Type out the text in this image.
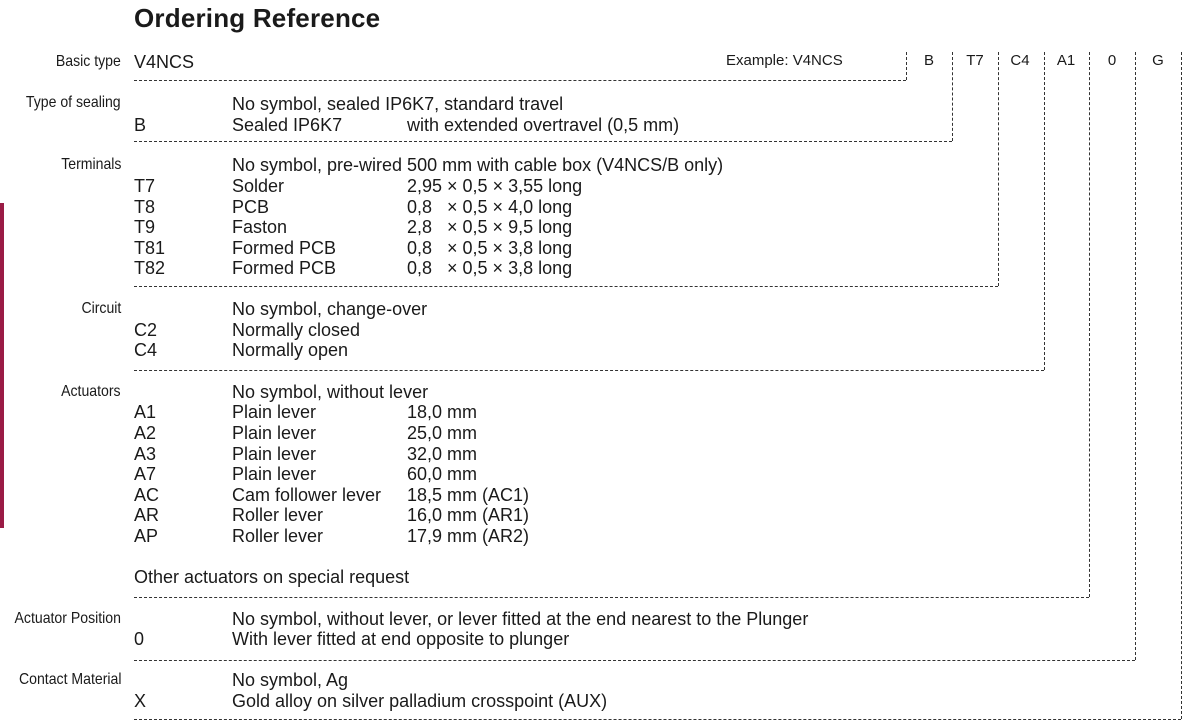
Ordering Reference
Basic type V4NCS	Example: V4NCS	B T7 C4 A1 0 G
Type of sealing	No symbol, sealed IP6K7, standard travel
B	Sealed IP6K7	with extended overtravel (0,5 mm)
Terminals	No symbol, pre-wired 500 mm with cable box (V4NCS/B only)
T7	Solder	2,95 × 0,5 × 3,55 long
T8	PCB	0,8   × 0,5 × 4,0 long
T9	Faston	2,8   × 0,5 × 9,5 long
T81	Formed PCB	0,8   × 0,5 × 3,8 long
T82	Formed PCB	0,8   × 0,5 × 3,8 long
Circuit	No symbol, change-over
C2	Normally closed
C4	Normally open
Actuators	No symbol, without lever
A1	Plain lever	18,0 mm
A2	Plain lever	25,0 mm
A3	Plain lever	32,0 mm
A7	Plain lever	60,0 mm
AC	Cam follower lever 18,5 mm (AC1)
AR	Roller lever	16,0 mm (AR1)
AP	Roller lever	17,9 mm (AR2)
Other actuators on special request
Actuator Position	No symbol, without lever, or lever fitted at the end nearest to the Plunger
0	With lever fitted at end opposite to plunger
Contact Material	No symbol, Ag
X	Gold alloy on silver palladium crosspoint (AUX)
